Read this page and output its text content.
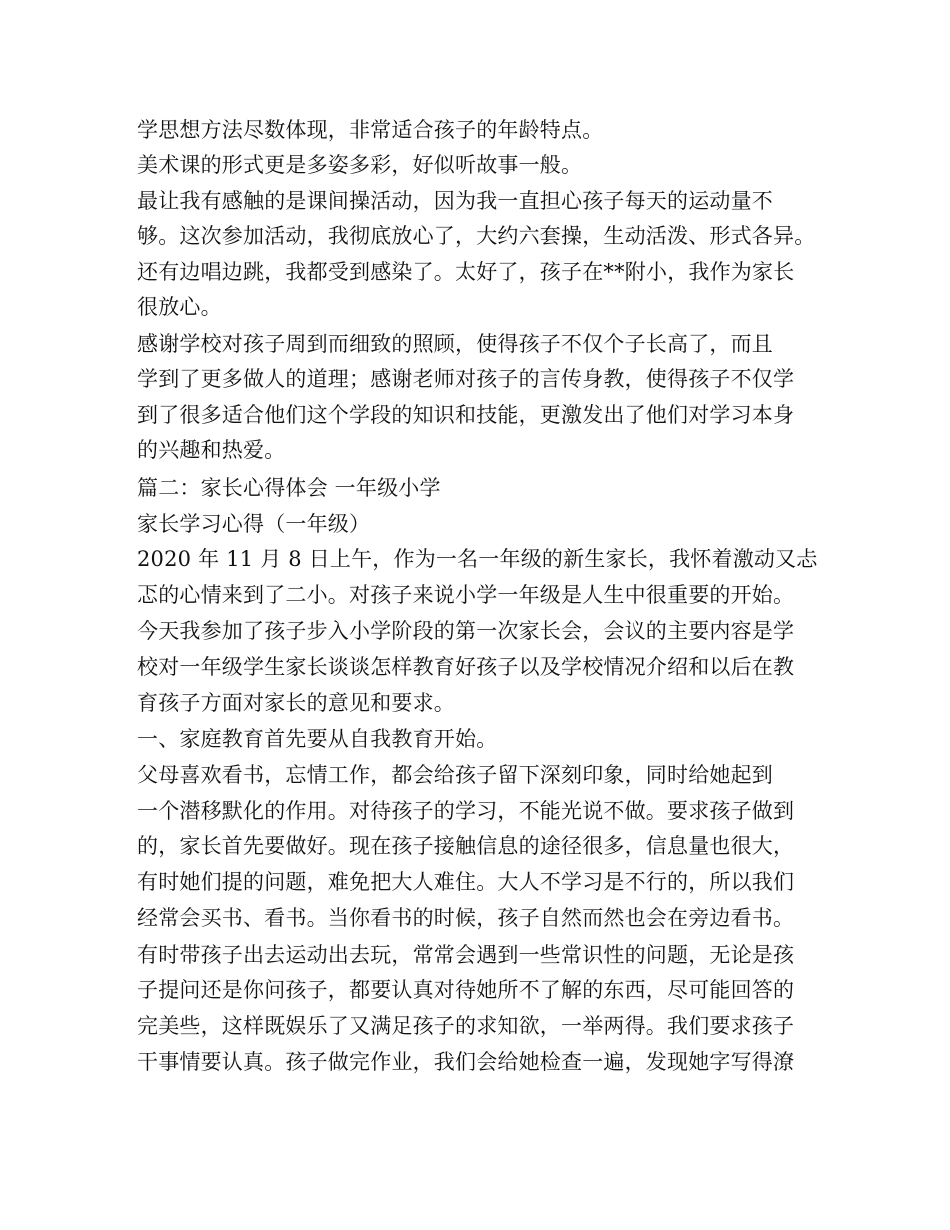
学思想方法尽数体现，非常适合孩子的年龄特点。
美术课的形式更是多姿多彩，好似听故事一般。
最让我有感触的是课间操活动，因为我一直担心孩子每天的运动量不
够。这次参加活动，我彻底放心了，大约六套操，生动活泼、形式各异。
还有边唱边跳，我都受到感染了。太好了，孩子在**附小，我作为家长
很放心。
感谢学校对孩子周到而细致的照顾，使得孩子不仅个子长高了，而且
学到了更多做人的道理；感谢老师对孩子的言传身教，使得孩子不仅学
到了很多适合他们这个学段的知识和技能，更激发出了他们对学习本身
的兴趣和热爱。
篇二：家长心得体会 一年级小学
家长学习心得（一年级）
2020 年 11 月 8 日上午，作为一名一年级的新生家长，我怀着激动又忐
忑的心情来到了二小。对孩子来说小学一年级是人生中很重要的开始。
今天我参加了孩子步入小学阶段的第一次家长会，会议的主要内容是学
校对一年级学生家长谈谈怎样教育好孩子以及学校情况介绍和以后在教
育孩子方面对家长的意见和要求。
一、家庭教育首先要从自我教育开始。
父母喜欢看书，忘情工作，都会给孩子留下深刻印象，同时给她起到
一个潜移默化的作用。对待孩子的学习，不能光说不做。要求孩子做到
的，家长首先要做好。现在孩子接触信息的途径很多，信息量也很大，
有时她们提的问题，难免把大人难住。大人不学习是不行的，所以我们
经常会买书、看书。当你看书的时候，孩子自然而然也会在旁边看书。
有时带孩子出去运动出去玩，常常会遇到一些常识性的问题，无论是孩
子提问还是你问孩子，都要认真对待她所不了解的东西，尽可能回答的
完美些，这样既娱乐了又满足孩子的求知欲，一举两得。我们要求孩子
干事情要认真。孩子做完作业，我们会给她检查一遍，发现她字写得潦
